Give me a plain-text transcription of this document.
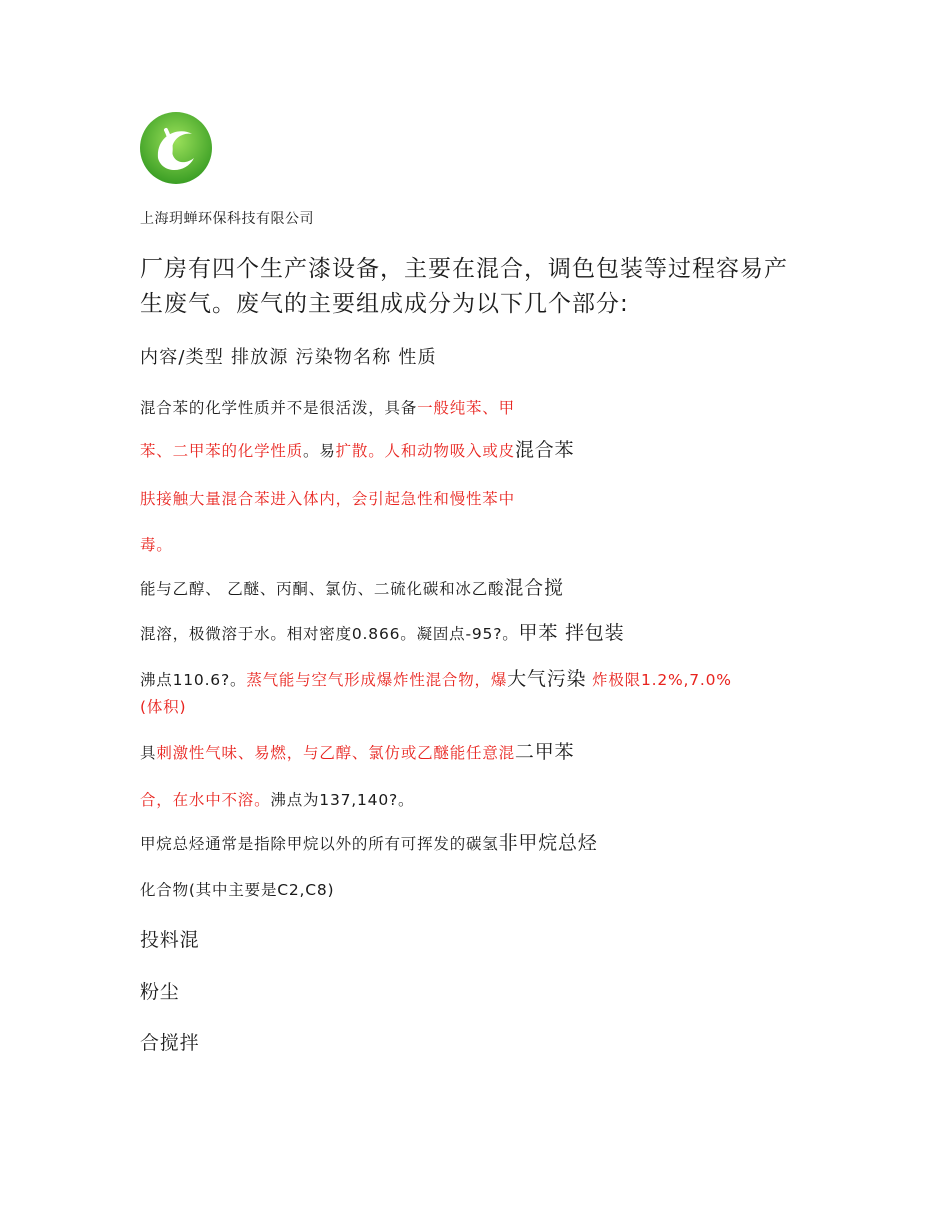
上海玥蝉环保科技有限公司
厂房有四个生产漆设备，主要在混合，调色包装等过程容易产
生废气。废气的主要组成成分为以下几个部分:
内容/类型 排放源 污染物名称 性质
混合苯的化学性质并不是很活泼，具备一般纯苯、甲
苯、二甲苯的化学性质。易扩散。人和动物吸入或皮混合苯
肤接触大量混合苯进入体内，会引起急性和慢性苯中
毒。
能与乙醇、 乙醚、丙酮、氯仿、二硫化碳和冰乙酸混合搅
混溶，极微溶于水。相对密度0.866。凝固点-95?。甲苯 拌包装
沸点110.6?。蒸气能与空气形成爆炸性混合物，爆大气污染 炸极限1.2%,7.0%
(体积)
具刺激性气味、易燃，与乙醇、氯仿或乙醚能任意混二甲苯
合，在水中不溶。沸点为137,140?。
甲烷总烃通常是指除甲烷以外的所有可挥发的碳氢非甲烷总烃
化合物(其中主要是C2,C8)
投料混
粉尘
合搅拌
